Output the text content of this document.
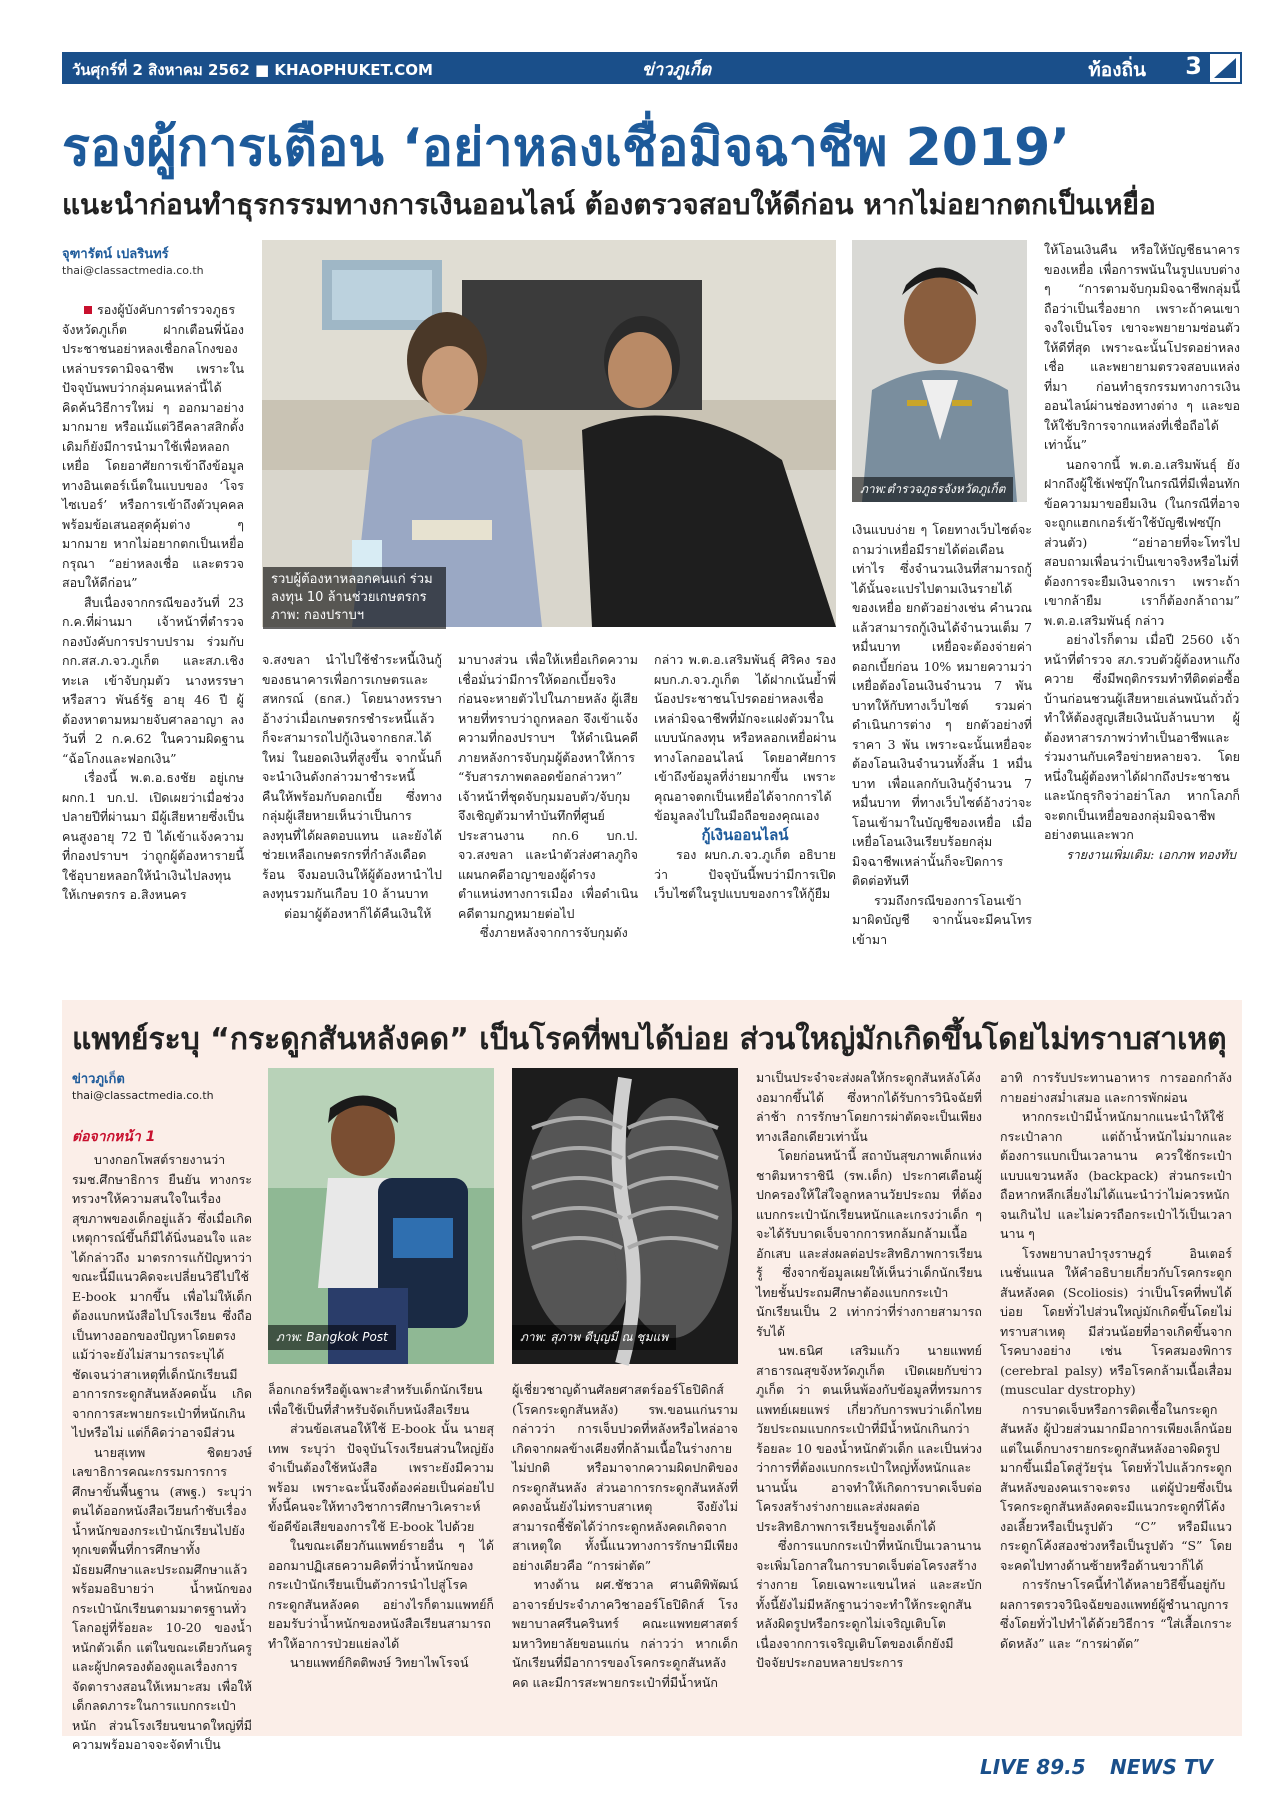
วันศุกร์ที่ 2 สิงหาคม 2562 ■ KHAOPHUKET.COM	ข่าวภูเก็ต	ท้องถิ่น 3
รองผู้การเตือน ‘อย่าหลงเชื่อมิจฉาชีพ 2019’
แนะนำก่อนทำธุรกรรมทางการเงินออนไลน์ ต้องตรวจสอบให้ดีก่อน หากไม่อยากตกเป็นเหยื่อ
จุฑารัตน์ เปลรินทร์
thai@classactmedia.co.th

รองผู้บังคับการตำรวจภูธรจังหวัดภูเก็ต ฝากเตือนพี่น้องประชาชนอย่าหลงเชื่อกลโกงของเหล่าบรรดามิจฉาชีพ เพราะในปัจจุบันพบว่ากลุ่มคนเหล่านี้ได้คิดค้นวิธีการใหม่ ๆ ออกมาอย่างมากมาย หรือแม้แต่วิธีคลาสสิกดั้งเดิมก็ยังมีการนำมาใช้เพื่อหลอกเหยื่อ โดยอาศัยการเข้าถึงข้อมูลทางอินเตอร์เน็ตในแบบของ ‘โจรไซเบอร์’ หรือการเข้าถึงตัวบุคคลพร้อมข้อเสนอสุดคุ้มต่าง ๆ มากมาย หากไม่อยากตกเป็นเหยื่อกรุณา “อย่าหลงเชื่อ และตรวจสอบให้ดีก่อน”

สืบเนื่องจากกรณีของวันที่ 23 ก.ค.ที่ผ่านมา เจ้าหน้าที่ตำรวจกองบังคับการปราบปราม ร่วมกับ กก.สส.ภ.จว.ภูเก็ต และสภ.เชิงทะเล เข้าจับกุมตัว นางหรรษา หรือสาว พันธ์รัฐ อายุ 46 ปี ผู้ต้องหาตามหมายจับศาลอาญา ลงวันที่ 2 ก.ค.62 ในความผิดฐาน “ฉ้อโกงและฟอกเงิน”

เรื่องนี้ พ.ต.อ.ธงชัย อยู่เกษ ผกก.1 บก.ป. เปิดเผยว่าเมื่อช่วงปลายปีที่ผ่านมา มีผู้เสียหายซึ่งเป็นคนสูงอายุ 72 ปี ได้เข้าแจ้งความที่กองปราบฯ ว่าถูกผู้ต้องหารายนี้ใช้อุบายหลอกให้นำเงินไปลงทุนให้เกษตรกร อ.สิงหนคร

รวบผู้ต้องหาหลอกคนแก่ ร่วมลงทุน 10 ล้านช่วยเกษตรกร ภาพ: กองปราบฯ
ภาพ:ตำรวจภูธรจังหวัดภูเก็ต

ให้โอนเงินคืน หรือให้บัญชีธนาคารของเหยื่อ เพื่อการพนันในรูปแบบต่าง ๆ “การตามจับกุมมิจฉาชีพกลุ่มนี้ถือว่าเป็นเรื่องยาก เพราะถ้าคนเขาจงใจเป็นโจร เขาจะพยายามซ่อนตัวให้ดีที่สุด เพราะฉะนั้นโปรดอย่าหลงเชื่อ และพยายามตรวจสอบแหล่งที่มา ก่อนทำธุรกรรมทางการเงินออนไลน์ผ่านช่องทางต่าง ๆ และขอให้ใช้บริการจากแหล่งที่เชื่อถือได้เท่านั้น”

นอกจากนี้ พ.ต.อ.เสริมพันธุ์ ยังฝากถึงผู้ใช้เฟซบุ๊กในกรณีที่มีเพื่อนทักข้อความมาขอยืมเงิน (ในกรณีที่อาจจะถูกแฮกเกอร์เข้าใช้บัญชีเฟซบุ๊กส่วนตัว) “อย่าอายที่จะโทรไปสอบถามเพื่อนว่าเป็นเขาจริงหรือไม่ที่ต้องการจะยืมเงินจากเรา เพราะถ้าเขากล้ายืม เราก็ต้องกล้าถาม” พ.ต.อ.เสริมพันธุ์ กล่าว

อย่างไรก็ตาม เมื่อปี 2560 เจ้าหน้าที่ตำรวจ สภ.รวบตัวผู้ต้องหาแก๊งควาย ซึ่งมีพฤติกรรมทำทีติดต่อซื้อบ้านก่อนชวนผู้เสียหายเล่นพนันถั่วถั่ว ทำให้ต้องสูญเสียเงินนับล้านบาท ผู้ต้องหาสารภาพว่าทำเป็นอาชีพและร่วมงานกับเครือข่ายหลายจว. โดยหนึ่งในผู้ต้องหาได้ฝากถึงประชาชนและนักธุรกิจว่าอย่าโลภ หากโลภก็จะตกเป็นเหยื่อของกลุ่มมิจฉาชีพอย่างตนและพวก

รายงานเพิ่มเติม: เอกภพ ทองทับ

เงินแบบง่าย ๆ โดยทางเว็บไซต์จะถามว่าเหยื่อมีรายได้ต่อเดือนเท่าไร ซึ่งจำนวนเงินที่สามารถกู้ได้นั้นจะแปรไปตามเงินรายได้ของเหยื่อ ยกตัวอย่างเช่น คำนวณแล้วสามารถกู้เงินได้จำนวนเต็ม 7 หมื่นบาท เหยื่อจะต้องจ่ายค่าดอกเบี้ยก่อน 10% หมายความว่าเหยื่อต้องโอนเงินจำนวน 7 พันบาทให้กับทางเว็บไซต์ รวมค่าดำเนินการต่าง ๆ ยกตัวอย่างที่ราคา 3 พัน เพราะฉะนั้นเหยื่อจะต้องโอนเงินจำนวนทั้งสิ้น 1 หมื่นบาท เพื่อแลกกับเงินกู้จำนวน 7 หมื่นบาท ที่ทางเว็บไซต์อ้างว่าจะโอนเข้ามาในบัญชีของเหยื่อ เมื่อเหยื่อโอนเงินเรียบร้อยกลุ่มมิจฉาชีพเหล่านั้นก็จะปิดการติดต่อทันที

รวมถึงกรณีของการโอนเข้ามาผิดบัญชี จากนั้นจะมีคนโทรเข้ามา

จ.สงขลา นำไปใช้ชำระหนี้เงินกู้ของธนาคารเพื่อการเกษตรและสหกรณ์ (ธกส.) โดยนางหรรษาอ้างว่าเมื่อเกษตรกรชำระหนี้แล้ว ก็จะสามารถไปกู้เงินจากธกส.ได้ใหม่ ในยอดเงินที่สูงขึ้น จากนั้นก็จะนำเงินดังกล่าวมาชำระหนี้คืนให้พร้อมกับดอกเบี้ย ซึ่งทางกลุ่มผู้เสียหายเห็นว่าเป็นการลงทุนที่ได้ผลตอบแทน และยังได้ช่วยเหลือเกษตรกรที่กำลังเดือดร้อน จึงมอบเงินให้ผู้ต้องหานำไปลงทุนรวมกันเกือบ 10 ล้านบาท

ต่อมาผู้ต้องหาก็ได้คืนเงินให้

มาบางส่วน เพื่อให้เหยื่อเกิดความเชื่อมั่นว่ามีการให้ดอกเบี้ยจริง ก่อนจะหายตัวไปในภายหลัง ผู้เสียหายที่ทราบว่าถูกหลอก จึงเข้าแจ้งความที่กองปราบฯ ให้ดำเนินคดี ภายหลังการจับกุมผู้ต้องหาให้การ “รับสารภาพตลอดข้อกล่าวหา” เจ้าหน้าที่ชุดจับกุมมอบตัว/จับกุมจึงเชิญตัวมาทำบันทึกที่ศูนย์ประสานงาน กก.6 บก.ป. จว.สงขลา และนำตัวส่งศาลภูกิจแผนกคดีอาญาของผู้ดำรงตำแหน่งทางการเมือง เพื่อดำเนินคดีตามกฎหมายต่อไป

ซึ่งภายหลังจากการจับกุมดัง

กล่าว พ.ต.อ.เสริมพันธุ์ ศิริคง รอง ผบก.ภ.จว.ภูเก็ต ได้ฝากเน้นย้ำพี่น้องประชาชนโปรดอย่าหลงเชื่อเหล่ามิจฉาชีพที่มักจะแฝงตัวมาในแบบนักลงทุน หรือหลอกเหยื่อผ่านทางโลกออนไลน์ โดยอาศัยการเข้าถึงข้อมูลที่ง่ายมากขึ้น เพราะคุณอาจตกเป็นเหยื่อได้จากการได้ข้อมูลลงไปในมือถือของคุณเอง

กู้เงินออนไลน์

รอง ผบก.ภ.จว.ภูเก็ต อธิบายว่า ปัจจุบันนี้พบว่ามีการเปิดเว็บไซต์ในรูปแบบของการให้กู้ยืม

แพทย์ระบุ “กระดูกสันหลังคด” เป็นโรคที่พบได้บ่อย ส่วนใหญ่มักเกิดขึ้นโดยไม่ทราบสาเหตุ
ข่าวภูเก็ต
thai@classactmedia.co.th
ต่อจากหน้า 1

บางกอกโพสต์รายงานว่า รมช.ศึกษาธิการ ยืนยัน ทางกระทรวงฯให้ความสนใจในเรื่องสุขภาพของเด็กอยู่แล้ว ซึ่งเมื่อเกิดเหตุการณ์ขึ้นก็มีได้นิ่งนอนใจ และได้กล่าวถึง มาตรการแก้ปัญหาว่า ขณะนี้มีแนวคิดจะเปลี่ยนวิธีไปใช้ E-book มากขึ้น เพื่อไม่ให้เด็กต้องแบกหนังสือไปโรงเรียน ซึ่งถือเป็นทางออกของปัญหาโดยตรง แม้ว่าจะยังไม่สามารถระบุได้ชัดเจนว่าสาเหตุที่เด็กนักเรียนมีอาการกระดูกสันหลังคดนั้น เกิดจากการสะพายกระเป๋าที่หนักเกินไปหรือไม่ แต่ก็คิดว่าอาจมีส่วน

นายสุเทพ ชิตยวงษ์ เลขาธิการคณะกรรมการการศึกษาขั้นพื้นฐาน (สพฐ.) ระบุว่า ตนได้ออกหนังสือเวียนกำชับเรื่องน้ำหนักของกระเป๋านักเรียนไปยังทุกเขตพื้นที่การศึกษาทั้งมัธยมศึกษาและประถมศึกษาแล้ว พร้อมอธิบายว่า น้ำหนักของกระเป๋านักเรียนตามมาตรฐานทั่วโลกอยู่ที่ร้อยละ 10-20 ของน้ำหนักตัวเด็ก แต่ในขณะเดียวกันครูและผู้ปกครองต้องดูแลเรื่องการจัดตารางสอนให้เหมาะสม เพื่อให้เด็กลดภาระในการแบกกระเป๋าหนัก ส่วนโรงเรียนขนาดใหญ่ที่มีความพร้อมอาจจะจัดทำเป็น

ภาพ: Bangkok Post	ภาพ: สุภาพ ดีบุญมี ณ ชุมแพ

ล็อกเกอร์หรือตู้เฉพาะสำหรับเด็กนักเรียน เพื่อใช้เป็นที่สำหรับจัดเก็บหนังสือเรียน

ส่วนข้อเสนอให้ใช้ E-book นั้น นายสุเทพ ระบุว่า ปัจจุบันโรงเรียนส่วนใหญ่ยังจำเป็นต้องใช้หนังสือ เพราะยังมีความพร้อม เพราะฉะนั้นจึงต้องค่อยเป็นค่อยไป ทั้งนี้คนจะให้ทางวิชาการศึกษาวิเคราะห์ข้อดีข้อเสียของการใช้ E-book ไปด้วย

ในขณะเดียวกันแพทย์รายอื่น ๆ ได้ออกมาปฏิเสธความคิดที่ว่าน้ำหนักของกระเป๋านักเรียนเป็นตัวการนำไปสู่โรคกระดูกสันหลังคด อย่างไรก็ตามแพทย์ก็ยอมรับว่าน้ำหนักของหนังสือเรียนสามารถทำให้อาการป่วยแย่ลงได้

นายแพทย์กิตติพงษ์ วิทยาไพโรจน์

ผู้เชี่ยวชาญด้านศัลยศาสตร์ออร์โธปิดิกส์ (โรคกระดูกสันหลัง) รพ.ขอนแก่นราม กล่าวว่า การเจ็บปวดที่หลังหรือไหล่อาจเกิดจากผลข้างเคียงที่กล้ามเนื้อในร่างกายไม่ปกติ หรือมาจากความผิดปกติของกระดูกสันหลัง ส่วนอาการกระดูกสันหลังที่คดงอนั้นยังไม่ทราบสาเหตุ จึงยังไม่สามารถชี้ชัดได้ว่ากระดูกหลังคดเกิดจากสาเหตุใด ทั้งนี้แนวทางการรักษามีเพียงอย่างเดียวคือ “การผ่าตัด”

ทางด้าน ผศ.ชัชวาล ศานติพิพัฒน์ อาจารย์ประจำภาควิชาออร์โธปิดิกส์ โรงพยาบาลศรีนครินทร์ คณะแพทยศาสตร์มหาวิทยาลัยขอนแก่น กล่าวว่า หากเด็กนักเรียนที่มีอาการของโรคกระดูกสันหลังคด และมีการสะพายกระเป๋าที่มีน้ำหนัก

มาเป็นประจำจะส่งผลให้กระดูกสันหลังโค้งงอมากขึ้นได้ ซึ่งหากได้รับการวินิจฉัยที่ล่าช้า การรักษาโดยการผ่าตัดจะเป็นเพียงทางเลือกเดียวเท่านั้น

โดยก่อนหน้านี้ สถาบันสุขภาพเด็กแห่งชาติมหาราชินี (รพ.เด็ก) ประกาศเตือนผู้ปกครองให้ใส่ใจลูกหลานวัยประถม ที่ต้องแบกกระเป๋านักเรียนหนักและเกรงว่าเด็ก ๆ จะได้รับบาดเจ็บจากการหกล้มกล้ามเนื้ออักเสบ และส่งผลต่อประสิทธิภาพการเรียนรู้ ซึ่งจากข้อมูลเผยให้เห็นว่าเด็กนักเรียนไทยชั้นประถมศึกษาต้องแบกกระเป๋านักเรียนเป็น 2 เท่ากว่าที่ร่างกายสามารถรับได้

นพ.ธนิศ เสริมแก้ว นายแพทย์สาธารณสุขจังหวัดภูเก็ต เปิดเผยกับข่าวภูเก็ต ว่า ตนเห็นพ้องกับข้อมูลที่ทรมการแพทย์เผยแพร่ เกี่ยวกับการพบว่าเด็กไทยวัยประถมแบกกระเป๋าที่มีน้ำหนักเกินกว่าร้อยละ 10 ของน้ำหนักตัวเด็ก และเป็นห่วงว่าการที่ต้องแบกกระเป๋าใหญ่ทั้งหนักและนานนั้น อาจทำให้เกิดการบาดเจ็บต่อโครงสร้างร่างกายและส่งผลต่อประสิทธิภาพการเรียนรู้ของเด็กได้

ซึ่งการแบกกระเป๋าที่หนักเป็นเวลานานจะเพิ่มโอกาสในการบาดเจ็บต่อโครงสร้างร่างกาย โดยเฉพาะแขนไหล่ และสะบัก ทั้งนี้ยังไม่มีหลักฐานว่าจะทำให้กระดูกสันหลังผิดรูปหรือกระดูกไม่เจริญเติบโต เนื่องจากการเจริญเติบโตของเด็กยังมีปัจจัยประกอบหลายประการ

อาทิ การรับประทานอาหาร การออกกำลังกายอย่างสม่ำเสมอ และการพักผ่อน

หากกระเป๋ามีน้ำหนักมากแนะนำให้ใช้กระเป๋าลาก แต่ถ้าน้ำหนักไม่มากและต้องการแบกเป็นเวลานาน ควรใช้กระเป๋าแบบแขวนหลัง (backpack) ส่วนกระเป๋าถือหากหลีกเลี่ยงไม่ได้แนะนำว่าไม่ควรหนักจนเกินไป และไม่ควรถือกระเป๋าไว้เป็นเวลานาน ๆ

โรงพยาบาลบำรุงราษฎร์ อินเตอร์เนชั่นแนล ให้คำอธิบายเกี่ยวกับโรคกระดูกสันหลังคด (Scoliosis) ว่าเป็นโรคที่พบได้บ่อย โดยทั่วไปส่วนใหญ่มักเกิดขึ้นโดยไม่ทราบสาเหตุ มีส่วนน้อยที่อาจเกิดขึ้นจากโรคบางอย่าง เช่น โรคสมองพิการ (cerebral palsy) หรือโรคกล้ามเนื้อเสื่อม (muscular dystrophy)

การบาดเจ็บหรือการติดเชื้อในกระดูกสันหลัง ผู้ป่วยส่วนมากมีอาการเพียงเล็กน้อย แต่ในเด็กบางรายกระดูกสันหลังอาจผิดรูปมากขึ้นเมื่อโตสู่วัยรุ่น โดยทั่วไปแล้วกระดูกสันหลังของคนเราจะตรง แต่ผู้ป่วยซึ่งเป็นโรคกระดูกสันหลังคดจะมีแนวกระดูกที่โค้งงอเลี้ยวหรือเป็นรูปตัว “C” หรือมีแนวกระดูกโค้งสองช่วงหรือเป็นรูปตัว “S” โดยจะคดไปทางด้านซ้ายหรือด้านขวาก็ได้

การรักษาโรคนี้ทำได้หลายวิธีขึ้นอยู่กับผลการตรวจวินิจฉัยของแพทย์ผู้ชำนาญการ ซึ่งโดยทั่วไปทำได้ด้วยวิธีการ “ใส่เสื้อเกราะดัดหลัง” และ “การผ่าตัด”

LIVE 89.5 NEWS TV
